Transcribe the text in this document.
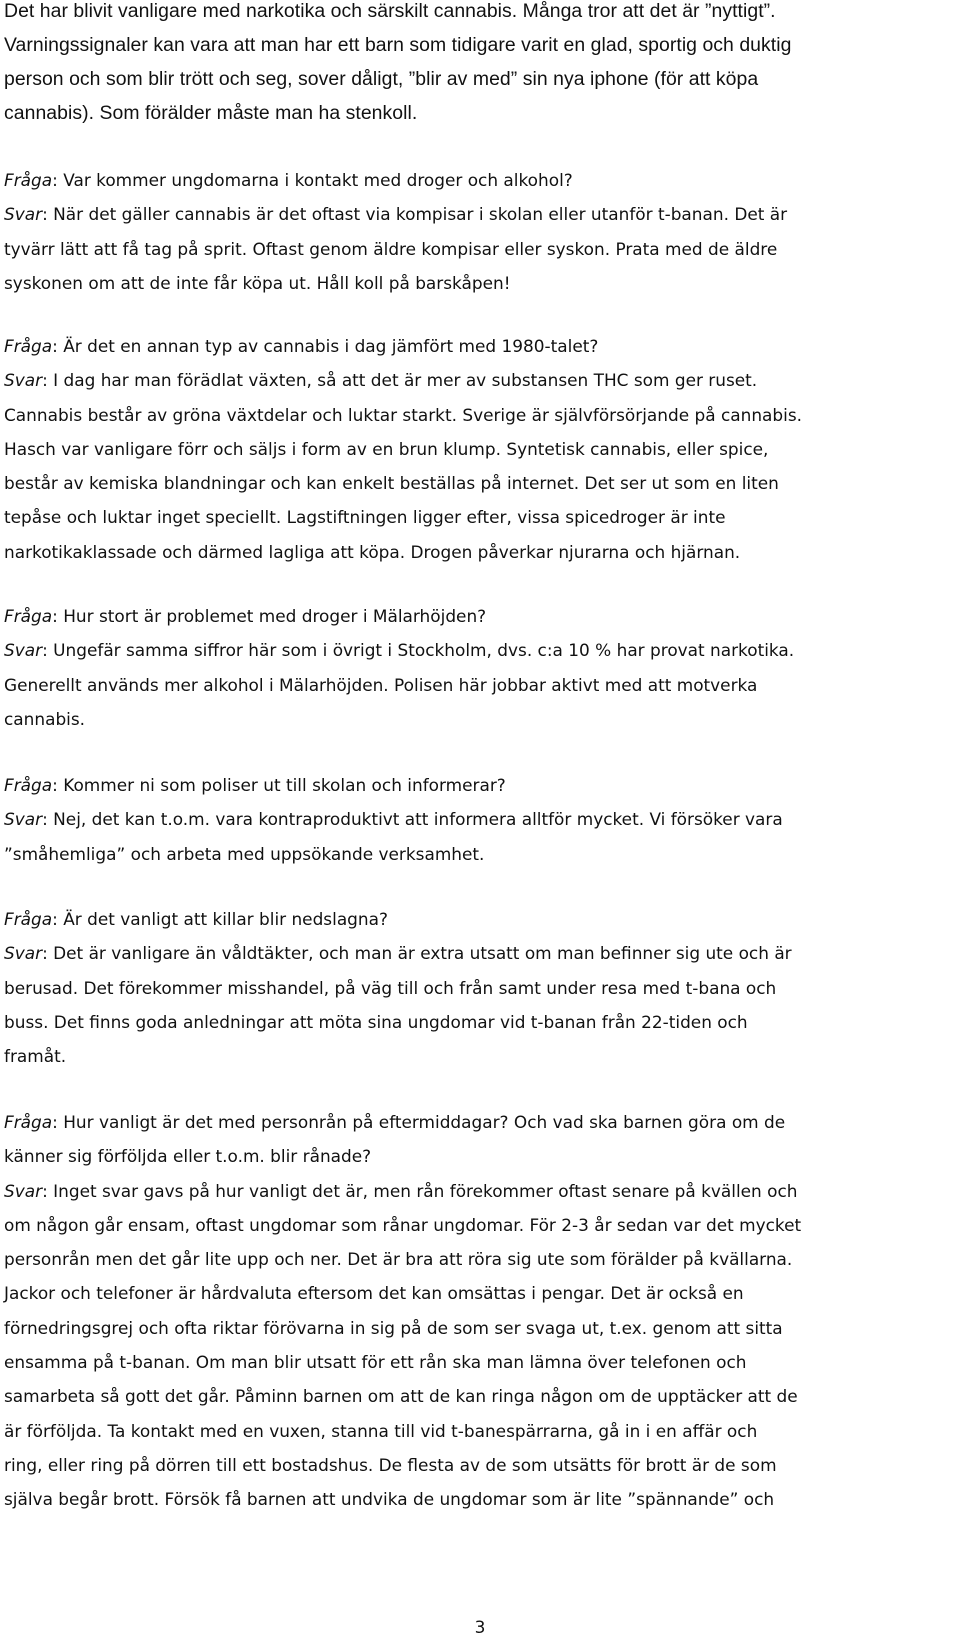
Det har blivit vanligare med narkotika och särskilt cannabis. Många tror att det är ”nyttigt”.
Varningssignaler kan vara att man har ett barn som tidigare varit en glad, sportig och duktig
person och som blir trött och seg, sover dåligt, ”blir av med” sin nya iphone (för att köpa
cannabis). Som förälder måste man ha stenkoll.
Fråga: Var kommer ungdomarna i kontakt med droger och alkohol?
Svar: När det gäller cannabis är det oftast via kompisar i skolan eller utanför t-banan. Det är
tyvärr lätt att få tag på sprit. Oftast genom äldre kompisar eller syskon. Prata med de äldre
syskonen om att de inte får köpa ut. Håll koll på barskåpen!
Fråga: Är det en annan typ av cannabis i dag jämfört med 1980-talet?
Svar: I dag har man förädlat växten, så att det är mer av substansen THC som ger ruset.
Cannabis består av gröna växtdelar och luktar starkt. Sverige är självförsörjande på cannabis.
Hasch var vanligare förr och säljs i form av en brun klump. Syntetisk cannabis, eller spice,
består av kemiska blandningar och kan enkelt beställas på internet. Det ser ut som en liten
tepåse och luktar inget speciellt. Lagstiftningen ligger efter, vissa spicedroger är inte
narkotikaklassade och därmed lagliga att köpa. Drogen påverkar njurarna och hjärnan.
Fråga: Hur stort är problemet med droger i Mälarhöjden?
Svar: Ungefär samma siffror här som i övrigt i Stockholm, dvs. c:a 10 % har provat narkotika.
Generellt används mer alkohol i Mälarhöjden. Polisen här jobbar aktivt med att motverka
cannabis.
Fråga: Kommer ni som poliser ut till skolan och informerar?
Svar: Nej, det kan t.o.m. vara kontraproduktivt att informera alltför mycket. Vi försöker vara
”småhemliga” och arbeta med uppsökande verksamhet.
Fråga: Är det vanligt att killar blir nedslagna?
Svar: Det är vanligare än våldtäkter, och man är extra utsatt om man befinner sig ute och är
berusad. Det förekommer misshandel, på väg till och från samt under resa med t-bana och
buss. Det finns goda anledningar att möta sina ungdomar vid t-banan från 22-tiden och
framåt.
Fråga: Hur vanligt är det med personrån på eftermiddagar? Och vad ska barnen göra om de
känner sig förföljda eller t.o.m. blir rånade?
Svar: Inget svar gavs på hur vanligt det är, men rån förekommer oftast senare på kvällen och
om någon går ensam, oftast ungdomar som rånar ungdomar. För 2-3 år sedan var det mycket
personrån men det går lite upp och ner. Det är bra att röra sig ute som förälder på kvällarna.
Jackor och telefoner är hårdvaluta eftersom det kan omsättas i pengar. Det är också en
förnedringsgrej och ofta riktar förövarna in sig på de som ser svaga ut, t.ex. genom att sitta
ensamma på t-banan. Om man blir utsatt för ett rån ska man lämna över telefonen och
samarbeta så gott det går. Påminn barnen om att de kan ringa någon om de upptäcker att de
är förföljda. Ta kontakt med en vuxen, stanna till vid t-banespärrarna, gå in i en affär och
ring, eller ring på dörren till ett bostadshus. De flesta av de som utsätts för brott är de som
själva begår brott. Försök få barnen att undvika de ungdomar som är lite ”spännande” och
3
